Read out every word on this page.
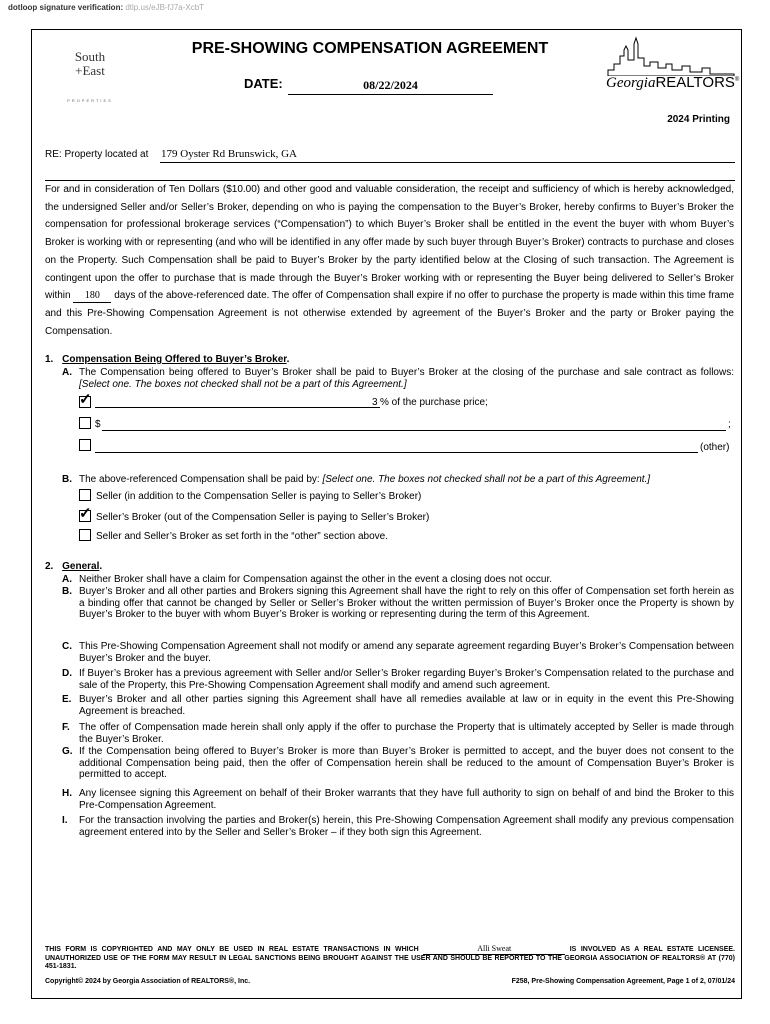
dotloop signature verification: dtlp.us/eJB-fJ7a-XcbT
South
+East
PROPERTIES
PRE-SHOWING COMPENSATION AGREEMENT
DATE:	08/22/2024	GeorgiaREALTORS®
2024 Printing
RE: Property located at 179 Oyster Rd Brunswick, GA
For and in consideration of Ten Dollars ($10.00) and other good and valuable consideration, the receipt and sufficiency of which is hereby acknowledged, the undersigned Seller and/or Seller’s Broker, depending on who is paying the compensation to the Buyer’s Broker, hereby confirms to Buyer’s Broker the compensation for professional brokerage services (“Compensation”) to which Buyer’s Broker shall be entitled in the event the buyer with whom Buyer’s Broker is working with or representing (and who will be identified in any offer made by such buyer through Buyer’s Broker) contracts to purchase and closes on the Property. Such Compensation shall be paid to Buyer’s Broker by the party identified below at the Closing of such transaction. The Agreement is contingent upon the offer to purchase that is made through the Buyer’s Broker working with or representing the Buyer being delivered to Seller’s Broker within 180 days of the above-referenced date. The offer of Compensation shall expire if no offer to purchase the property is made within this time frame and this Pre-Showing Compensation Agreement is not otherwise extended by agreement of the Buyer’s Broker and the party or Broker paying the Compensation.
1. Compensation Being Offered to Buyer’s Broker.
A. The Compensation being offered to Buyer’s Broker shall be paid to Buyer’s Broker at the closing of the purchase and sale contract as follows: [Select one. The boxes not checked shall not be a part of this Agreement.]
✓	3 % of the purchase price;
$	;
(other)
B. The above-referenced Compensation shall be paid by: [Select one. The boxes not checked shall not be a part of this Agreement.]
Seller (in addition to the Compensation Seller is paying to Seller’s Broker)
✓ Seller’s Broker (out of the Compensation Seller is paying to Seller’s Broker)
Seller and Seller’s Broker as set forth in the “other” section above.
2. General.
A. Neither Broker shall have a claim for Compensation against the other in the event a closing does not occur.
B. Buyer’s Broker and all other parties and Brokers signing this Agreement shall have the right to rely on this offer of Compensation set forth herein as a binding offer that cannot be changed by Seller or Seller’s Broker without the written permission of Buyer’s Broker once the Property is shown by Buyer’s Broker to the buyer with whom Buyer’s Broker is working or representing during the term of this Agreement.
C. This Pre-Showing Compensation Agreement shall not modify or amend any separate agreement regarding Buyer’s Broker’s Compensation between Buyer’s Broker and the buyer.
D. If Buyer’s Broker has a previous agreement with Seller and/or Seller’s Broker regarding Buyer’s Broker’s Compensation related to the purchase and sale of the Property, this Pre-Showing Compensation Agreement shall modify and amend such agreement.
E. Buyer’s Broker and all other parties signing this Agreement shall have all remedies available at law or in equity in the event this Pre-Showing Agreement is breached.
F. The offer of Compensation made herein shall only apply if the offer to purchase the Property that is ultimately accepted by Seller is made through the Buyer’s Broker.
G. If the Compensation being offered to Buyer’s Broker is more than Buyer’s Broker is permitted to accept, and the buyer does not consent to the additional Compensation being paid, then the offer of Compensation herein shall be reduced to the amount of Compensation Buyer’s Broker is permitted to accept.
H. Any licensee signing this Agreement on behalf of their Broker warrants that they have full authority to sign on behalf of and bind the Broker to this Pre-Compensation Agreement.
I. For the transaction involving the parties and Broker(s) herein, this Pre-Showing Compensation Agreement shall modify any previous compensation agreement entered into by the Seller and Seller’s Broker – if they both sign this Agreement.
THIS FORM IS COPYRIGHTED AND MAY ONLY BE USED IN REAL ESTATE TRANSACTIONS IN WHICH	Alli Sweat	IS INVOLVED AS A REAL ESTATE LICENSEE. UNAUTHORIZED USE OF THE FORM MAY RESULT IN LEGAL SANCTIONS BEING BROUGHT AGAINST THE USER AND SHOULD BE REPORTED TO THE GEORGIA ASSOCIATION OF REALTORS® AT (770) 451-1831.
Copyright© 2024 by Georgia Association of REALTORS®, Inc.	F258, Pre-Showing Compensation Agreement, Page 1 of 2, 07/01/24
